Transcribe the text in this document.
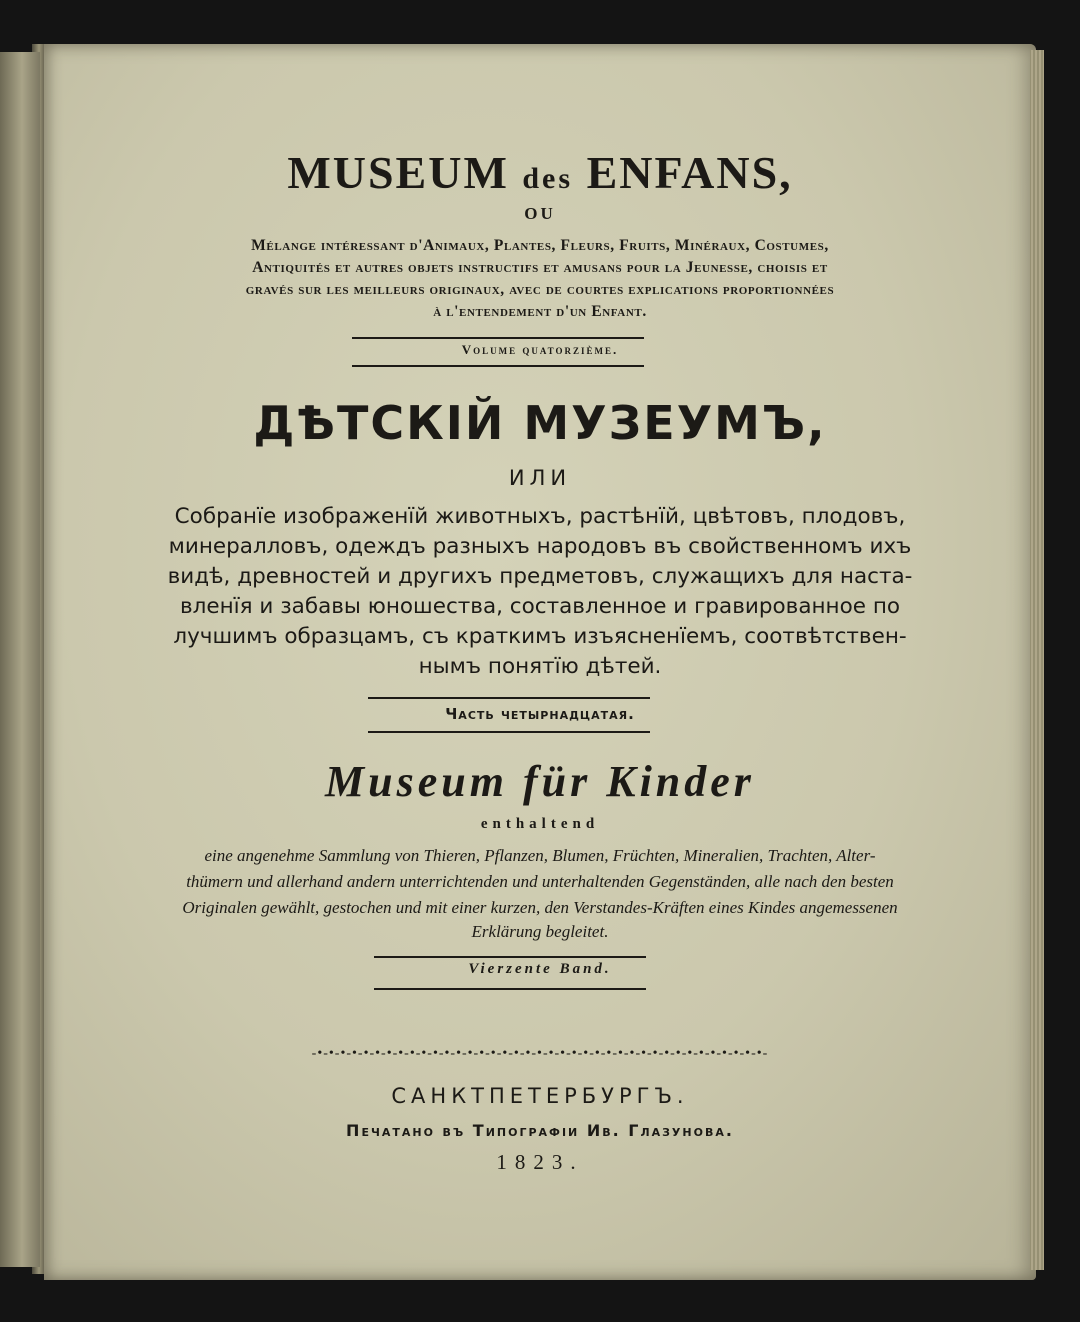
MUSEUM des ENFANS,
OU
Mélange intéressant d'Animaux, Plantes, Fleurs, Fruits, Minéraux, Costumes,
Antiquités et autres objets instructifs et amusans pour la Jeunesse, choisis et
gravés sur les meilleurs originaux, avec de courtes explications proportionnées
à l'entendement d'un Enfant.
Volume quatorzième.
ДѢТСКІЙ МУЗЕУМЪ,
ИЛИ
Собранїе изображенїй животныхъ, растѣнїй, цвѣтовъ, плодовъ,
минералловъ, одеждъ разныхъ народовъ въ свойственномъ ихъ
видѣ, древностей и другихъ предметовъ, служащихъ для наста-
вленїя и забавы юношества, составленное и гравированное по
лучшимъ образцамъ, съ краткимъ изъясненїемъ, соотвѣтствен-
нымъ понятїю дѣтей.
Часть четырнадцатая.
Museum für Kinder
enthaltend
eine angenehme Sammlung von Thieren, Pflanzen, Blumen, Früchten, Mineralien, Trachten, Alter-
thümern und allerhand andern unterrichtenden und unterhaltenden Gegenständen, alle nach den besten
Originalen gewählt, gestochen und mit einer kurzen, den Verstandes-Kräften eines Kindes angemessenen
Erklärung begleitet.
Vierzente Band.
-•-•-•-•-•-•-•-•-•-•-•-•-•-•-•-•-•-•-•-•-•-•-•-•-•-•-•-•-•-•-•-•-•-•-•-•-•-•-•-
САНКТПЕТЕРБУРГЪ.
Печатано въ Типографіи Ив. Глазунова.
1823.
